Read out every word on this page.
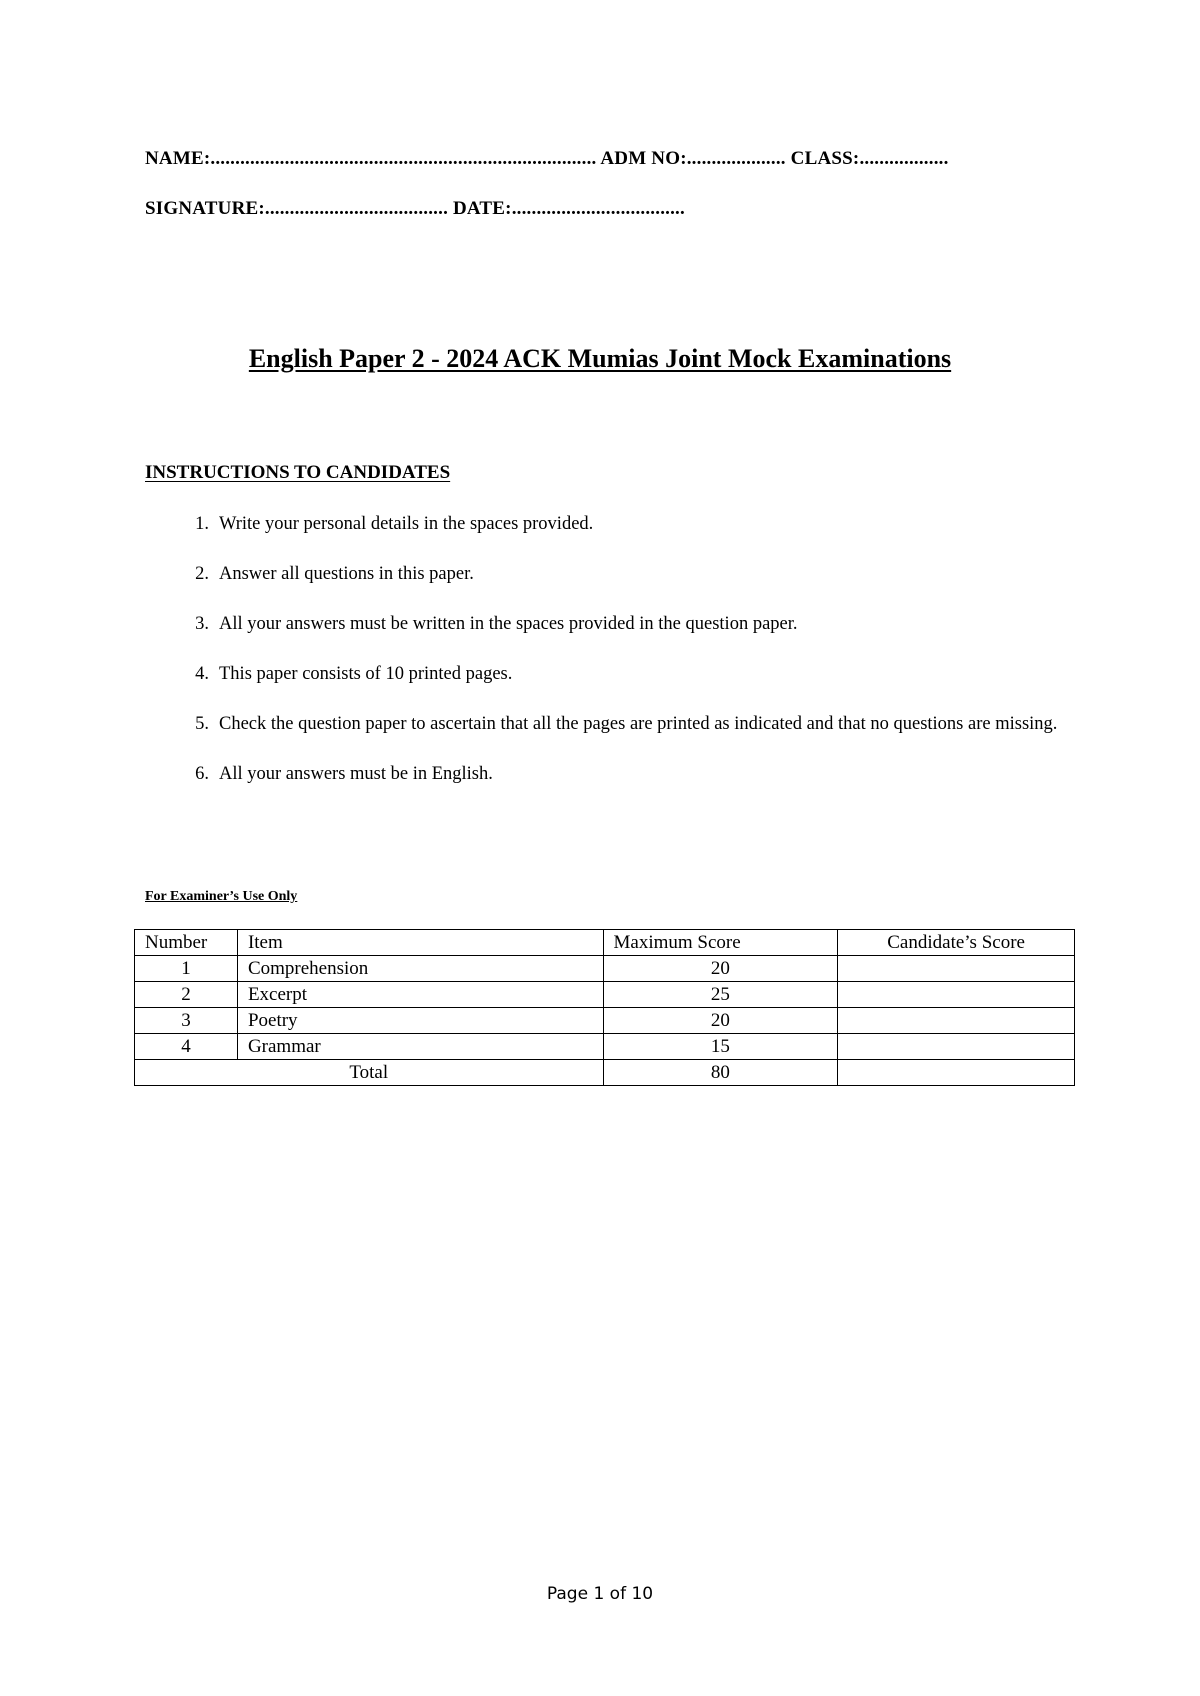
NAME:.............................................................................. ADM NO:.................... CLASS:..................
SIGNATURE:..................................... DATE:...................................
English Paper 2 - 2024 ACK Mumias Joint Mock Examinations
INSTRUCTIONS TO CANDIDATES
1. Write your personal details in the spaces provided.
2. Answer all questions in this paper.
3. All your answers must be written in the spaces provided in the question paper.
4. This paper consists of 10 printed pages.
5. Check the question paper to ascertain that all the pages are printed as indicated and that no questions are missing.
6. All your answers must be in English.
For Examiner’s Use Only
Number	Item	Maximum Score	Candidate’s Score
1	Comprehension	20	
2	Excerpt	25	
3	Poetry	20	
4	Grammar	15	
Total		80	
Page 1 of 10
